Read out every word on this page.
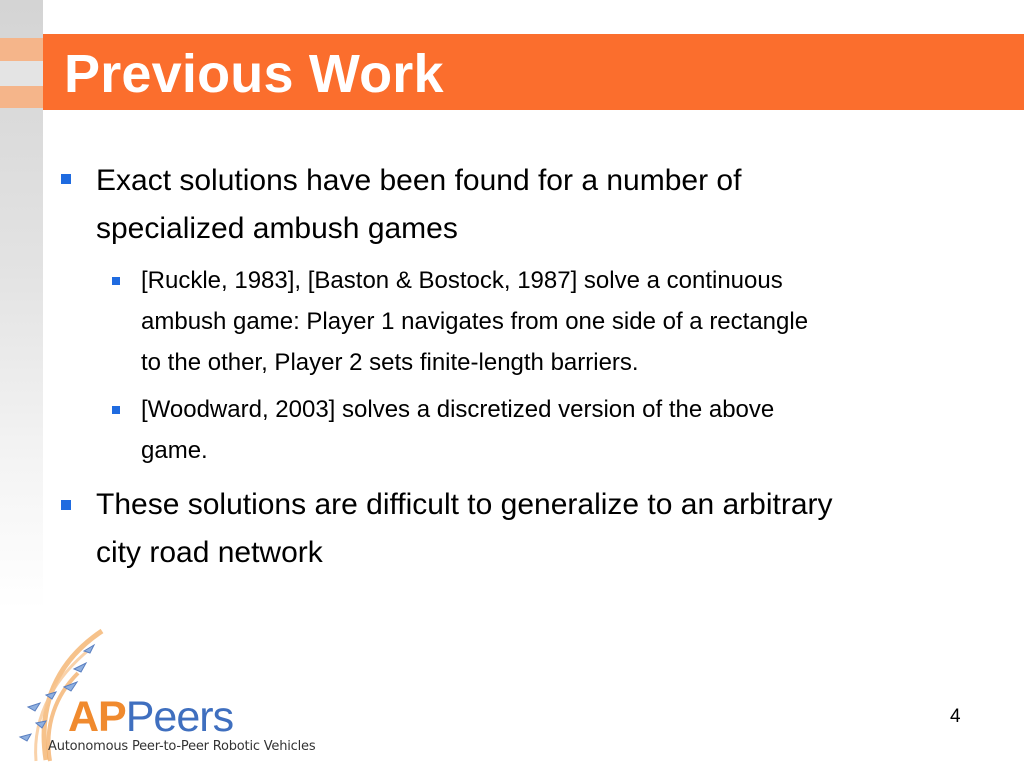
Previous Work
Exact solutions have been found for a number of
specialized ambush games
[Ruckle, 1983], [Baston & Bostock, 1987] solve a continuous
ambush game: Player 1 navigates from one side of a rectangle
to the other, Player 2 sets finite-length barriers.
[Woodward, 2003] solves a discretized version of the above
game.
These solutions are difficult to generalize to an arbitrary
city road network
APPeers
Autonomous Peer-to-Peer Robotic Vehicles
4
